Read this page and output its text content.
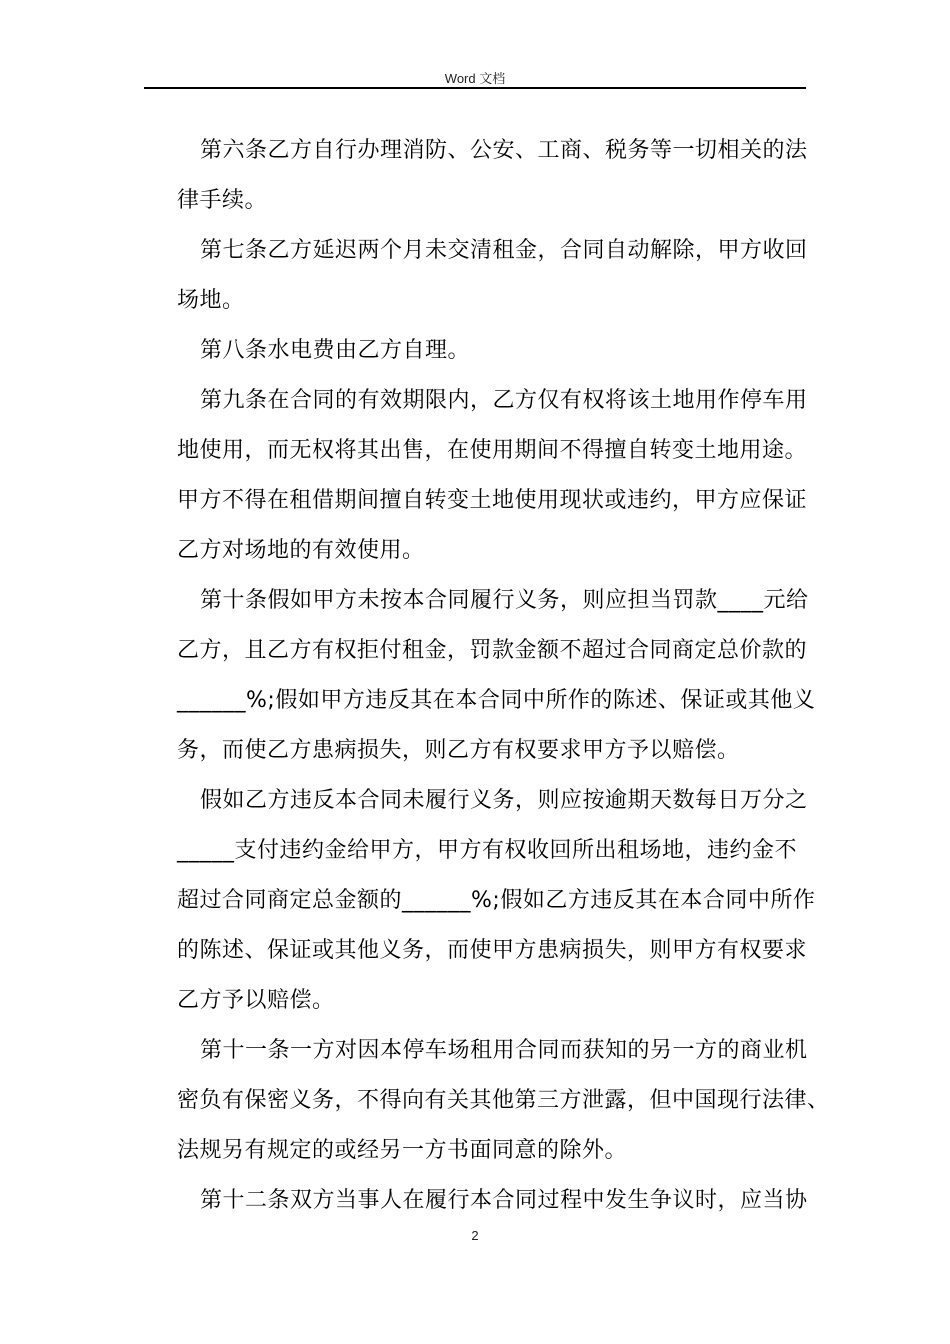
Word 文档
第六条乙方自行办理消防、公安、工商、税务等一切相关的法
律手续。
第七条乙方延迟两个月未交清租金，合同自动解除，甲方收回
场地。
第八条水电费由乙方自理。
第九条在合同的有效期限内，乙方仅有权将该土地用作停车用
地使用，而无权将其出售，在使用期间不得擅自转变土地用途。
甲方不得在租借期间擅自转变土地使用现状或违约，甲方应保证
乙方对场地的有效使用。
第十条假如甲方未按本合同履行义务，则应担当罚款____元给
乙方，且乙方有权拒付租金，罚款金额不超过合同商定总价款的
______%;假如甲方违反其在本合同中所作的陈述、保证或其他义
务，而使乙方患病损失，则乙方有权要求甲方予以赔偿。
假如乙方违反本合同未履行义务，则应按逾期天数每日万分之
_____支付违约金给甲方，甲方有权收回所出租场地，违约金不
超过合同商定总金额的______%;假如乙方违反其在本合同中所作
的陈述、保证或其他义务，而使甲方患病损失，则甲方有权要求
乙方予以赔偿。
第十一条一方对因本停车场租用合同而获知的另一方的商业机
密负有保密义务，不得向有关其他第三方泄露，但中国现行法律、
法规另有规定的或经另一方书面同意的除外。
第十二条双方当事人在履行本合同过程中发生争议时，应当协
2
